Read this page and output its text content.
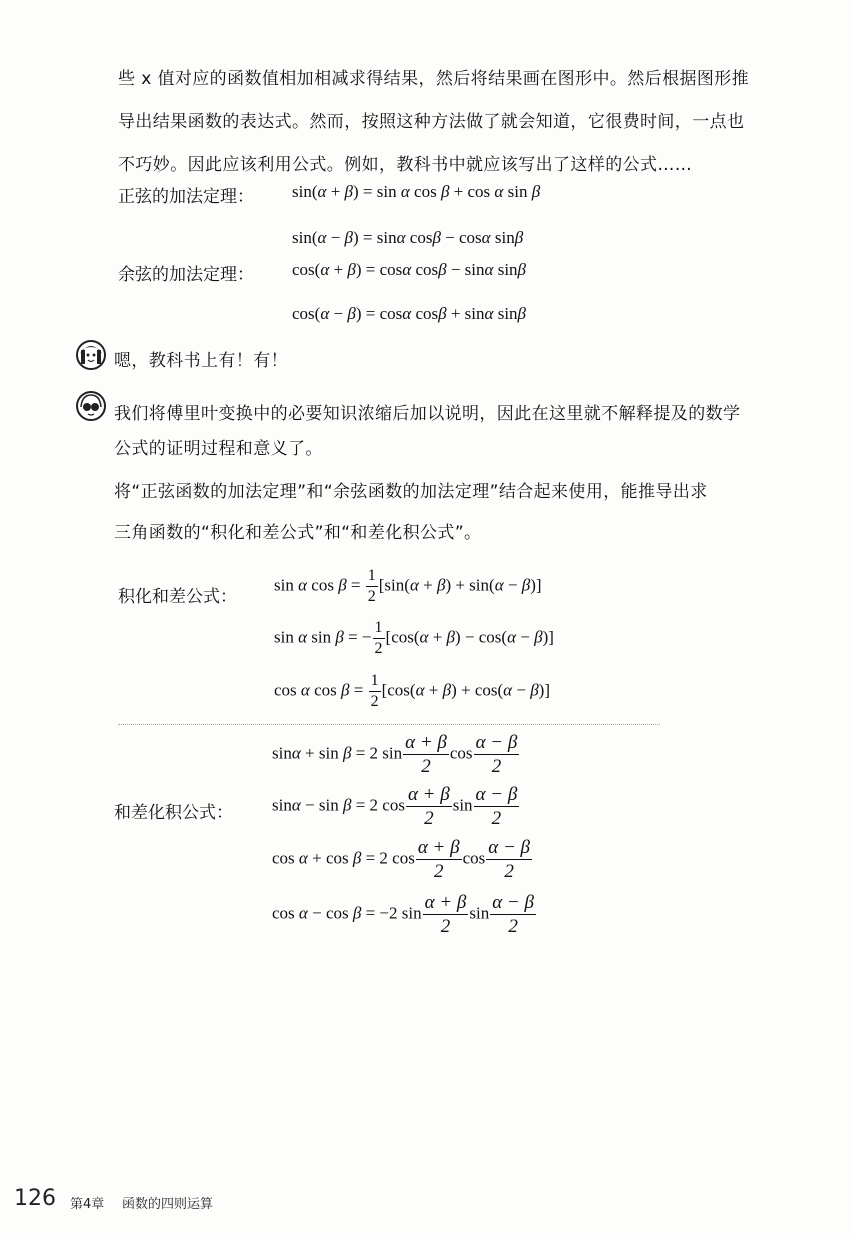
些 x 值对应的函数值相加相减求得结果，然后将结果画在图形中。然后根据图形推
导出结果函数的表达式。然而，按照这种方法做了就会知道，它很费时间，一点也
不巧妙。因此应该利用公式。例如，教科书中就应该写出了这样的公式……
正弦的加法定理： sin(α + β) = sin α cos β + cos α sin β
sin(α − β) = sinα cosβ − cosα sinβ
余弦的加法定理： cos(α + β) = cosα cosβ − sinα sinβ
cos(α − β) = cosα cosβ + sinα sinβ
嗯，教科书上有！有！
我们将傅里叶变换中的必要知识浓缩后加以说明，因此在这里就不解释提及的数学
公式的证明过程和意义了。
将“正弦函数的加法定理”和“余弦函数的加法定理”结合起来使用，能推导出求
三角函数的“积化和差公式”和“和差化积公式”。
积化和差公式：
sin α $\cos \beta = \frac{1}{2} [\sin(\alpha + \beta) + \sin(\alpha - \beta)]$
sin α sin β = − $\frac{1}{2} [\cos(\alpha + \beta) - \cos(\alpha - \beta)]$
cos α $\cos \beta = \frac{1}{2} [\cos(\alpha + \beta) + \cos(\alpha - \beta)]$
sinα + sin β = 2 $\sin \frac{\alpha + \beta}{2}$ $\cos \frac{\alpha - \beta}{2}$
和差化积公式： sinα − sin β = 2 $\cos \frac{\alpha + \beta}{2}$ $\sin \frac{\alpha - \beta}{2}$
cos α + cos β = 2 $\cos \frac{\alpha + \beta}{2}$ $\cos \frac{\alpha - \beta}{2}$
cos α − cos β = −2 $\sin \frac{\alpha + \beta}{2}$ $\sin \frac{\alpha - \beta}{2}$
126 第4章 函数的四则运算
